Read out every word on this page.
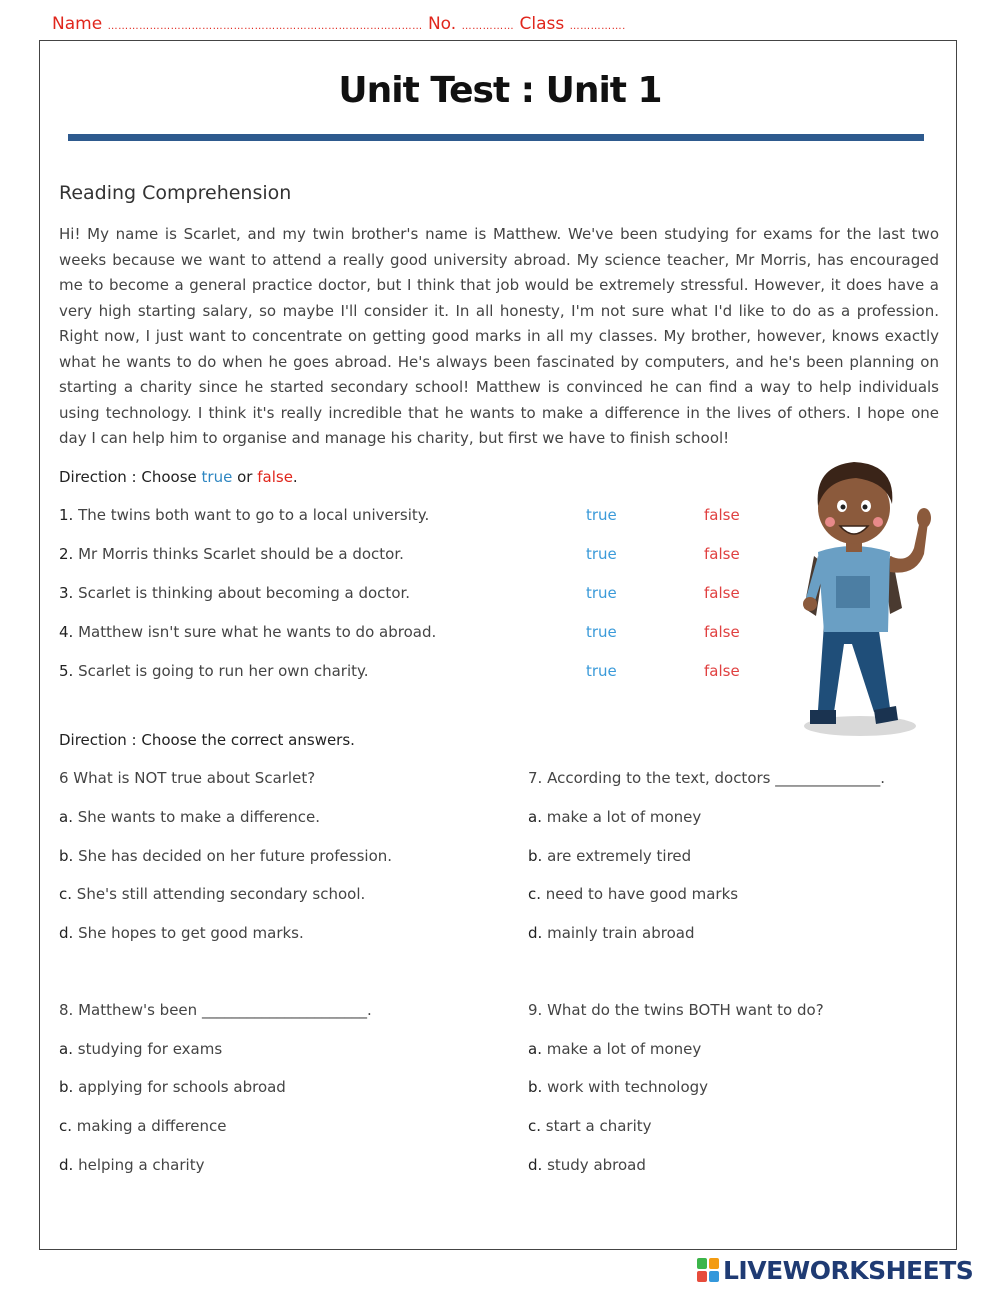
Name ……………………………………………………………………………… No. …………… Class …………….
Unit Test : Unit 1
Reading Comprehension
Hi! My name is Scarlet, and my twin brother's name is Matthew. We've been studying for exams for the last two weeks because we want to attend a really good university abroad. My science teacher, Mr Morris, has encouraged me to become a general practice doctor, but I think that job would be extremely stressful. However, it does have a very high starting salary, so maybe I'll consider it. In all honesty, I'm not sure what I'd like to do as a profession. Right now, I just want to concentrate on getting good marks in all my classes. My brother, however, knows exactly what he wants to do when he goes abroad. He's always been fascinated by computers, and he's been planning on starting a charity since he started secondary school! Matthew is convinced he can find a way to help individuals using technology. I think it's really incredible that he wants to make a difference in the lives of others. I hope one day I can help him to organise and manage his charity, but first we have to finish school!
Direction : Choose true or false.
1. The twins both want to go to a local university.	true	false
2. Mr Morris thinks Scarlet should be a doctor.	true	false
3. Scarlet is thinking about becoming a doctor.	true	false
4. Matthew isn't sure what he wants to do abroad.	true	false
5. Scarlet is going to run her own charity.	true	false
Direction : Choose the correct answers.
6 What is NOT true about Scarlet?
a. She wants to make a difference.
b. She has decided on her future profession.
c. She's still attending secondary school.
d. She hopes to get good marks.
7. According to the text, doctors ______________.
a. make a lot of money
b. are extremely tired
c. need to have good marks
d. mainly train abroad
8. Matthew's been ______________________.
a. studying for exams
b. applying for schools abroad
c. making a difference
d. helping a charity
9. What do the twins BOTH want to do?
a. make a lot of money
b. work with technology
c. start a charity
d. study abroad
LIVEWORKSHEETS
